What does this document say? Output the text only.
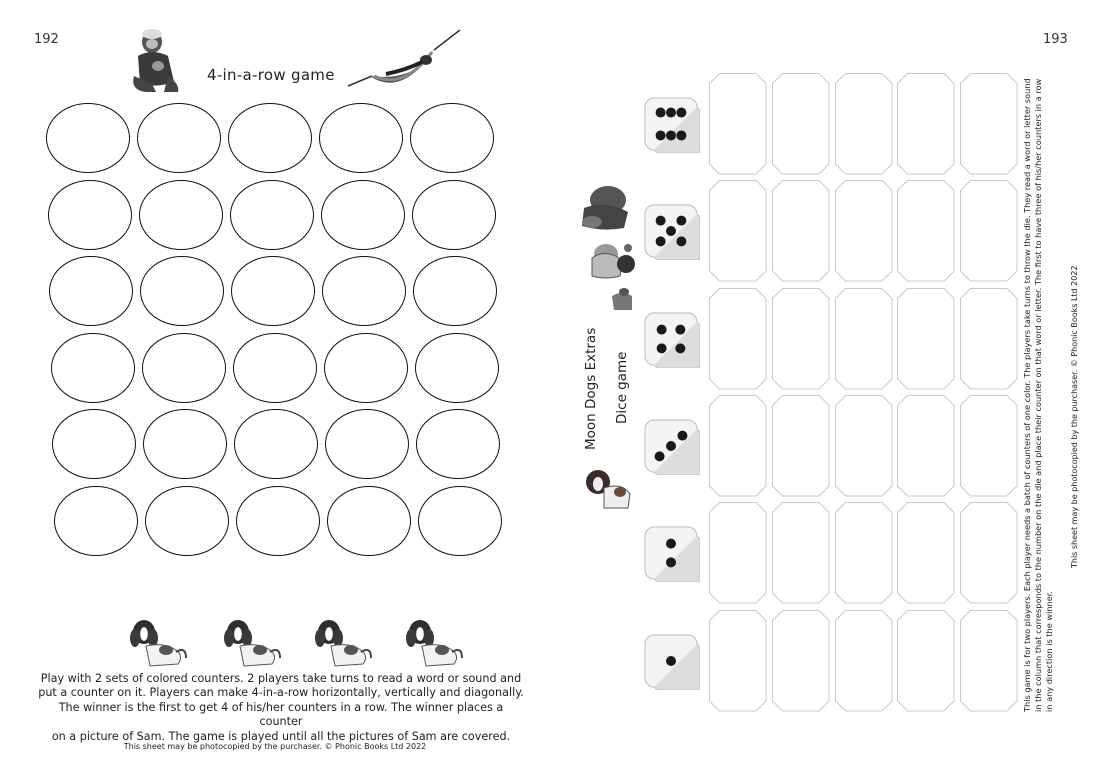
192
4-in-a-row game
Play with 2 sets of colored counters. 2 players take turns to read a word or sound and
put a counter on it. Players can make 4-in-a-row horizontally, vertically and diagonally.
The winner is the first to get 4 of his/her counters in a row. The winner places a counter
on a picture of Sam. The game is played until all the pictures of Sam are covered.
This sheet may be photocopied by the purchaser. © Phonic Books Ltd 2022
193
Moon Dogs Extras Dice game	This game is for two players. Each player needs a batch of counters of one color. The players take turns to throw the die. They read a word or letter sound in the column that corresponds to the number on the die and place their counter on that word or letter. The first to have three of his/her counters in a row in any direction is the winner.
This sheet may be photocopied by the purchaser. © Phonic Books Ltd 2022
